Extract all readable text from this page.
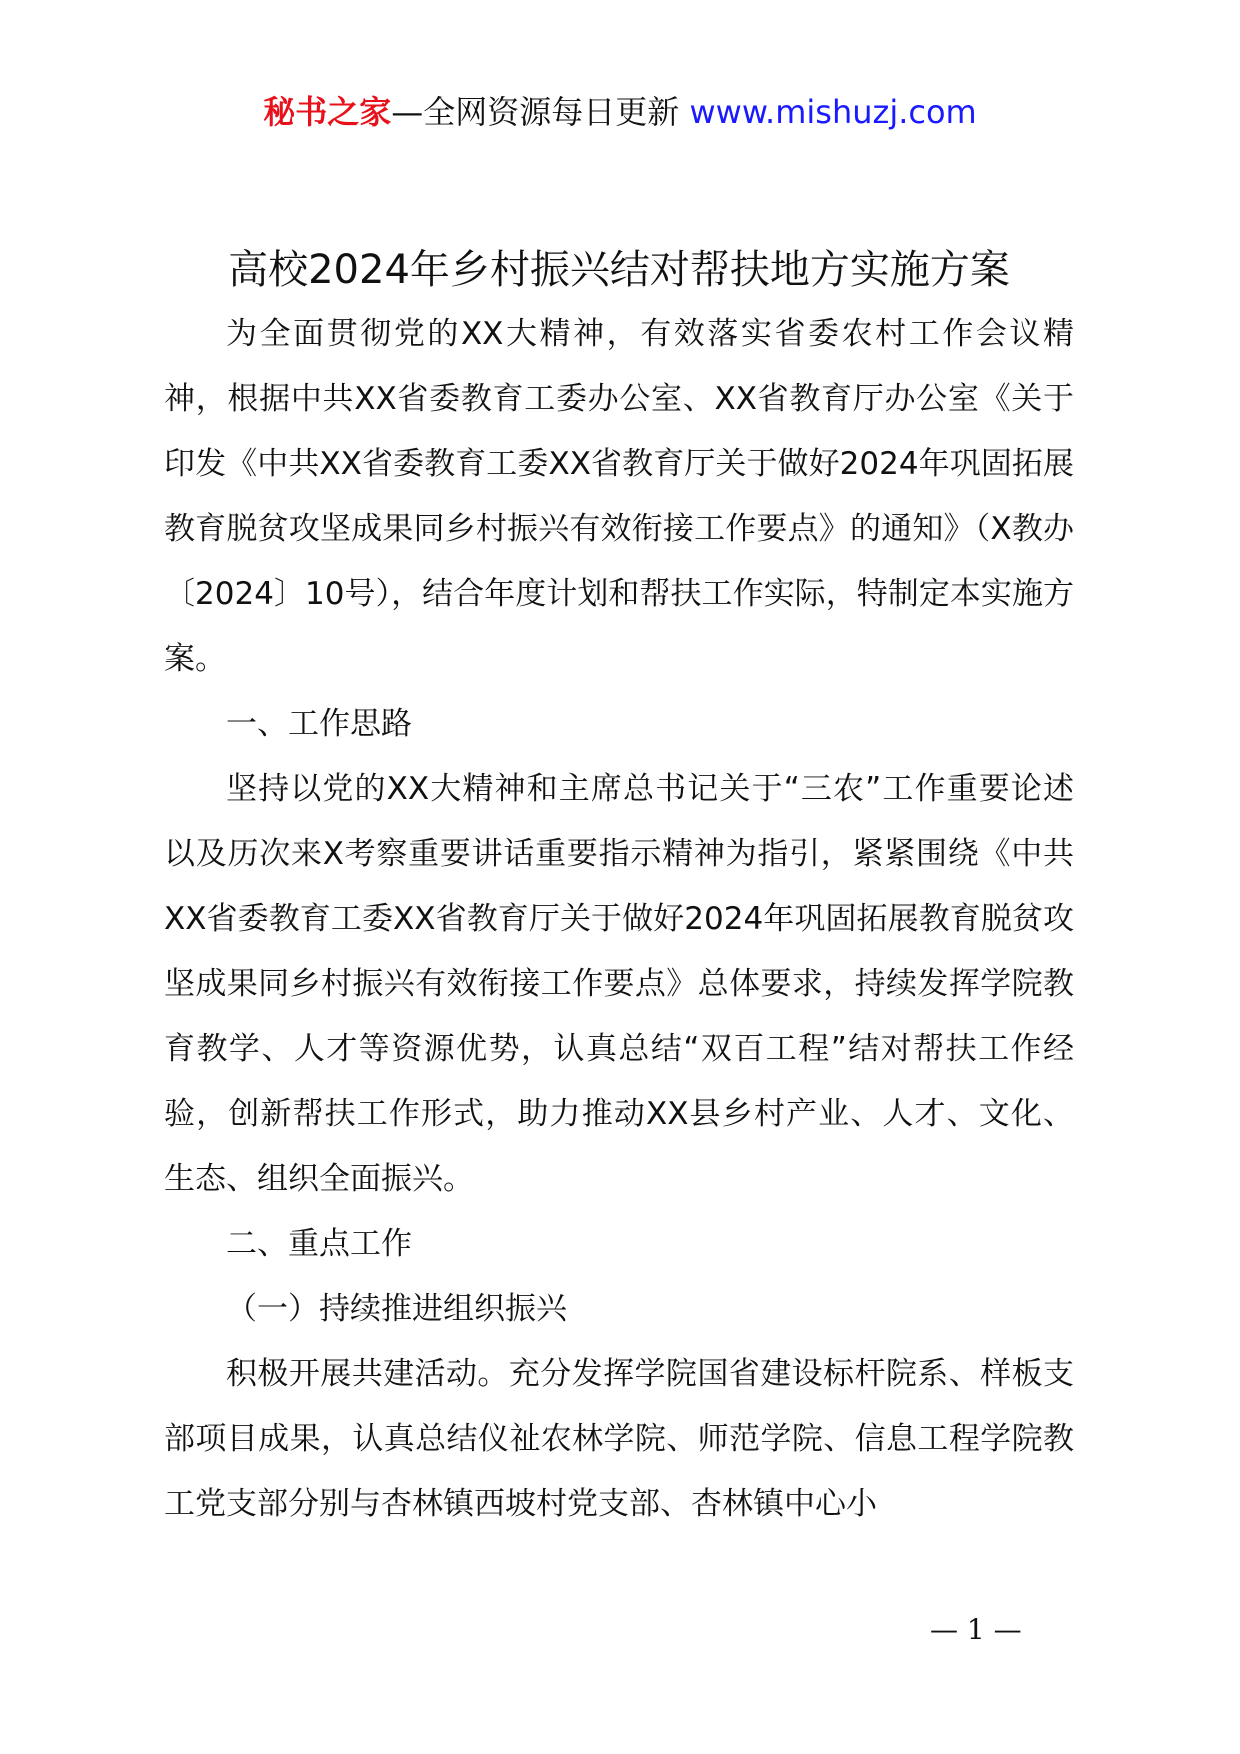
秘书之家—全网资源每日更新 www.mishuzj.com
高校2024年乡村振兴结对帮扶地方实施方案

为全面贯彻党的XX大精神，有效落实省委农村工作会议精神，根据中共XX省委教育工委办公室、XX省教育厅办公室《关于印发《中共XX省委教育工委XX省教育厅关于做好2024年巩固拓展教育脱贫攻坚成果同乡村振兴有效衔接工作要点》的通知》（X教办〔2024〕10号），结合年度计划和帮扶工作实际，特制定本实施方案。

一、工作思路

坚持以党的XX大精神和主席总书记关于“三农”工作重要论述以及历次来X考察重要讲话重要指示精神为指引，紧紧围绕《中共XX省委教育工委XX省教育厅关于做好2024年巩固拓展教育脱贫攻坚成果同乡村振兴有效衔接工作要点》总体要求，持续发挥学院教育教学、人才等资源优势，认真总结“双百工程”结对帮扶工作经验，创新帮扶工作形式，助力推动XX县乡村产业、人才、文化、生态、组织全面振兴。

二、重点工作
（一）持续推进组织振兴

积极开展共建活动。充分发挥学院国省建设标杆院系、样板支部项目成果，认真总结仪祉农林学院、师范学院、信息工程学院教工党支部分别与杏林镇西坡村党支部、杏林镇中心小

— 1 —
